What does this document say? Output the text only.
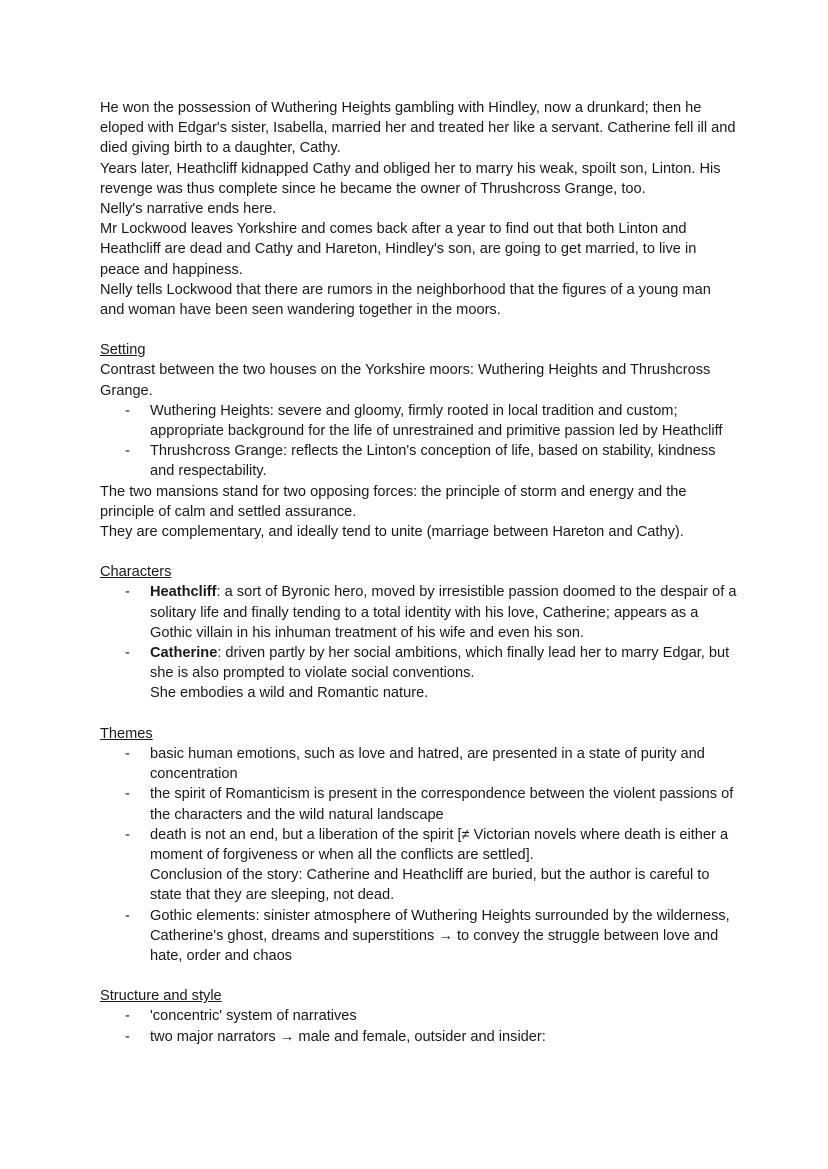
He won the possession of Wuthering Heights gambling with Hindley, now a drunkard; then he eloped with Edgar's sister, Isabella, married her and treated her like a servant. Catherine fell ill and died giving birth to a daughter, Cathy.

Years later, Heathcliff kidnapped Cathy and obliged her to marry his weak, spoilt son, Linton. His revenge was thus complete since he became the owner of Thrushcross Grange, too.

Nelly's narrative ends here.

Mr Lockwood leaves Yorkshire and comes back after a year to find out that both Linton and Heathcliff are dead and Cathy and Hareton, Hindley's son, are going to get married, to live in peace and happiness.

Nelly tells Lockwood that there are rumors in the neighborhood that the figures of a young man and woman have been seen wandering together in the moors.

Setting

Contrast between the two houses on the Yorkshire moors: Wuthering Heights and Thrushcross Grange.

- Wuthering Heights: severe and gloomy, firmly rooted in local tradition and custom; appropriate background for the life of unrestrained and primitive passion led by Heathcliff
- Thrushcross Grange: reflects the Linton's conception of life, based on stability, kindness and respectability.

The two mansions stand for two opposing forces: the principle of storm and energy and the principle of calm and settled assurance.

They are complementary, and ideally tend to unite (marriage between Hareton and Cathy).

Characters

- Heathcliff: a sort of Byronic hero, moved by irresistible passion doomed to the despair of a solitary life and finally tending to a total identity with his love, Catherine; appears as a Gothic villain in his inhuman treatment of his wife and even his son.
- Catherine: driven partly by her social ambitions, which finally lead her to marry Edgar, but she is also prompted to violate social conventions.
She embodies a wild and Romantic nature.

Themes

- basic human emotions, such as love and hatred, are presented in a state of purity and concentration
- the spirit of Romanticism is present in the correspondence between the violent passions of the characters and the wild natural landscape
- death is not an end, but a liberation of the spirit [≠ Victorian novels where death is either a moment of forgiveness or when all the conflicts are settled].
Conclusion of the story: Catherine and Heathcliff are buried, but the author is careful to state that they are sleeping, not dead.
- Gothic elements: sinister atmosphere of Wuthering Heights surrounded by the wilderness, Catherine's ghost, dreams and superstitions → to convey the struggle between love and hate, order and chaos

Structure and style

- 'concentric' system of narratives
- two major narrators → male and female, outsider and insider:
